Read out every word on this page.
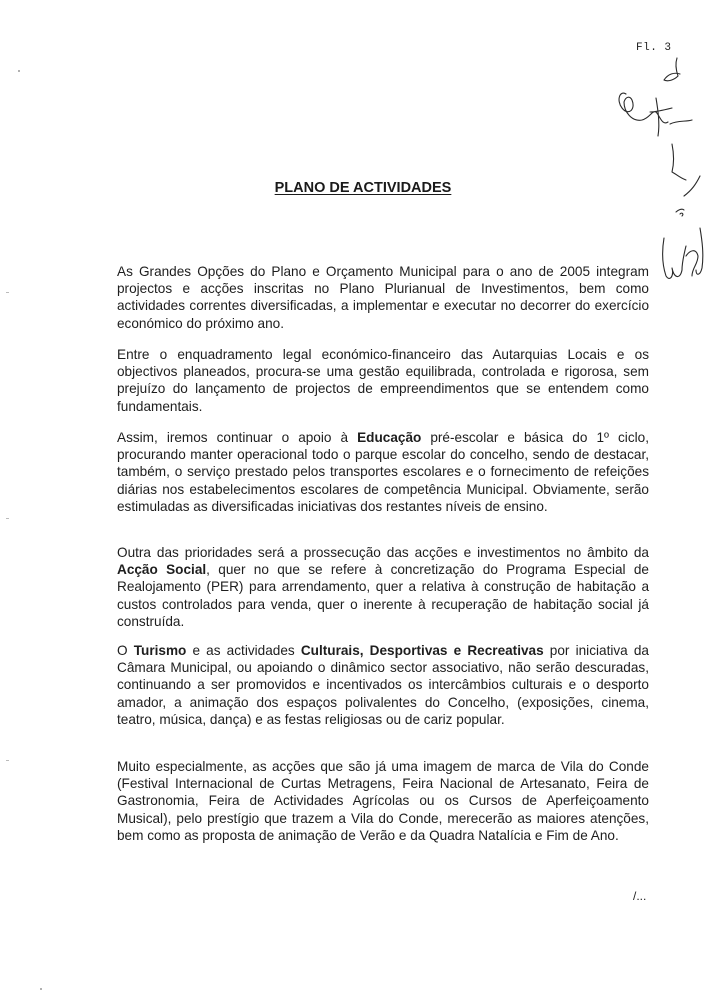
Fl. 3
PLANO DE ACTIVIDADES

As Grandes Opções do Plano e Orçamento Municipal para o ano de 2005 integram projectos e acções inscritas no Plano Plurianual de Investimentos, bem como actividades correntes diversificadas, a implementar e executar no decorrer do exercício económico do próximo ano.

Entre o enquadramento legal económico-financeiro das Autarquias Locais e os objectivos planeados, procura-se uma gestão equilibrada, controlada e rigorosa, sem prejuízo do lançamento de projectos de empreendimentos que se entendem como fundamentais.

Assim, iremos continuar o apoio à Educação pré-escolar e básica do 1º ciclo, procurando manter operacional todo o parque escolar do concelho, sendo de destacar, também, o serviço prestado pelos transportes escolares e o fornecimento de refeições diárias nos estabelecimentos escolares de competência Municipal. Obviamente, serão estimuladas as diversificadas iniciativas dos restantes níveis de ensino.

Outra das prioridades será a prossecução das acções e investimentos no âmbito da Acção Social, quer no que se refere à concretização do Programa Especial de Realojamento (PER) para arrendamento, quer a relativa à construção de habitação a custos controlados para venda, quer o inerente à recuperação de habitação social já construída.

O Turismo e as actividades Culturais, Desportivas e Recreativas por iniciativa da Câmara Municipal, ou apoiando o dinâmico sector associativo, não serão descuradas, continuando a ser promovidos e incentivados os intercâmbios culturais e o desporto amador, a animação dos espaços polivalentes do Concelho, (exposições, cinema, teatro, música, dança) e as festas religiosas ou de cariz popular.

Muito especialmente, as acções que são já uma imagem de marca de Vila do Conde (Festival Internacional de Curtas Metragens, Feira Nacional de Artesanato, Feira de Gastronomia, Feira de Actividades Agrícolas ou os Cursos de Aperfeiçoamento Musical), pelo prestígio que trazem a Vila do Conde, merecerão as maiores atenções, bem como as proposta de animação de Verão e da Quadra Natalícia e Fim de Ano.

/...
